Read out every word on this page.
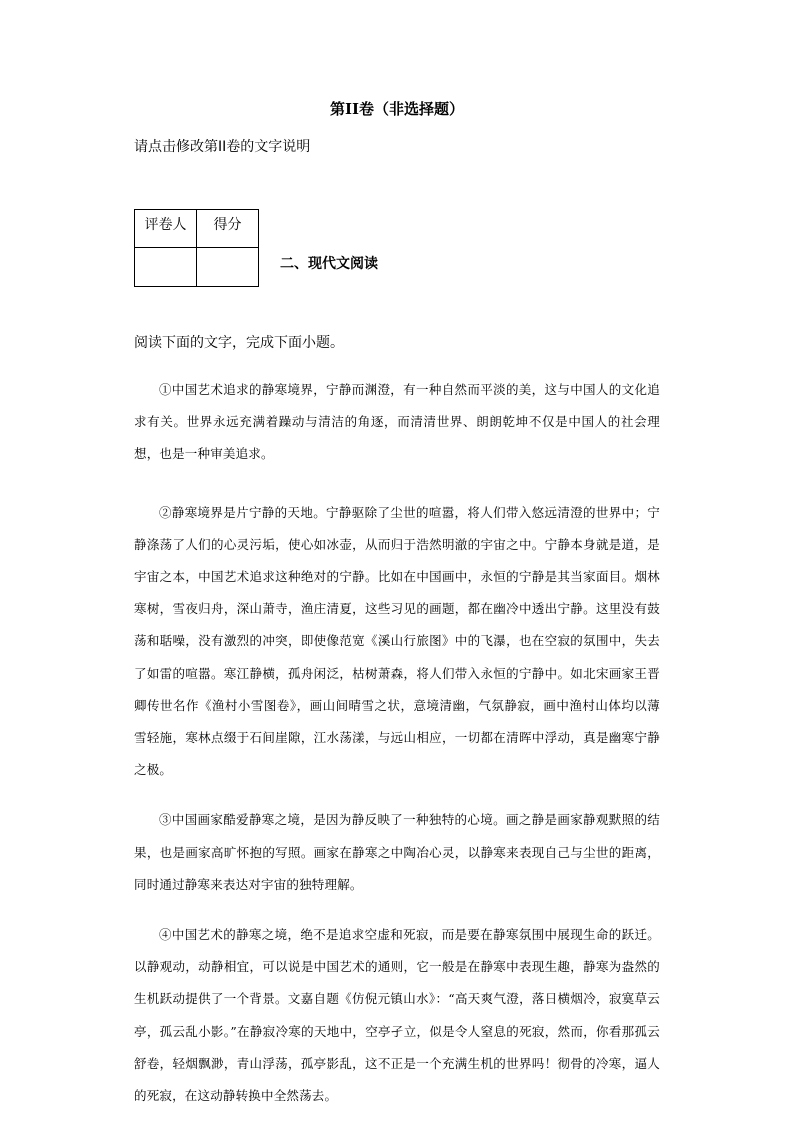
第II卷（非选择题）
请点击修改第II卷的文字说明
评卷人	得分

二、现代文阅读
阅读下面的文字，完成下面小题。

①中国艺术追求的静寒境界，宁静而渊澄，有一种自然而平淡的美，这与中国人的文化追求有关。世界永远充满着躁动与清洁的角逐，而清清世界、朗朗乾坤不仅是中国人的社会理想，也是一种审美追求。

②静寒境界是片宁静的天地。宁静驱除了尘世的喧嚣，将人们带入悠远清澄的世界中；宁静涤荡了人们的心灵污垢，使心如冰壶，从而归于浩然明澈的宇宙之中。宁静本身就是道，是宇宙之本，中国艺术追求这种绝对的宁静。比如在中国画中，永恒的宁静是其当家面目。烟林寒树，雪夜归舟，深山萧寺，渔庄清夏，这些习见的画题，都在幽冷中透出宁静。这里没有鼓荡和聒噪，没有激烈的冲突，即使像范宽《溪山行旅图》中的飞瀑，也在空寂的氛围中，失去了如雷的喧嚣。寒江静横，孤舟闲泛，枯树萧森，将人们带入永恒的宁静中。如北宋画家王晋卿传世名作《渔村小雪图卷》，画山间晴雪之状，意境清幽，气氛静寂，画中渔村山体均以薄雪轻施，寒林点缀于石间崖隙，江水荡漾，与远山相应，一切都在清晖中浮动，真是幽寒宁静之极。

③中国画家酷爱静寒之境，是因为静反映了一种独特的心境。画之静是画家静观默照的结果，也是画家高旷怀抱的写照。画家在静寒之中陶冶心灵，以静寒来表现自己与尘世的距离，同时通过静寒来表达对宇宙的独特理解。

④中国艺术的静寒之境，绝不是追求空虚和死寂，而是要在静寒氛围中展现生命的跃迁。以静观动，动静相宜，可以说是中国艺术的通则，它一般是在静寒中表现生趣，静寒为盎然的生机跃动提供了一个背景。文嘉自题《仿倪元镇山水》：“高天爽气澄，落日横烟冷，寂寞草云亭，孤云乱小影。”在静寂冷寒的天地中，空亭孑立，似是令人窒息的死寂，然而，你看那孤云舒卷，轻烟飘渺，青山浮荡，孤亭影乱，这不正是一个充满生机的世界吗！彻骨的冷寒，逼人的死寂，在这动静转换中全然荡去。
